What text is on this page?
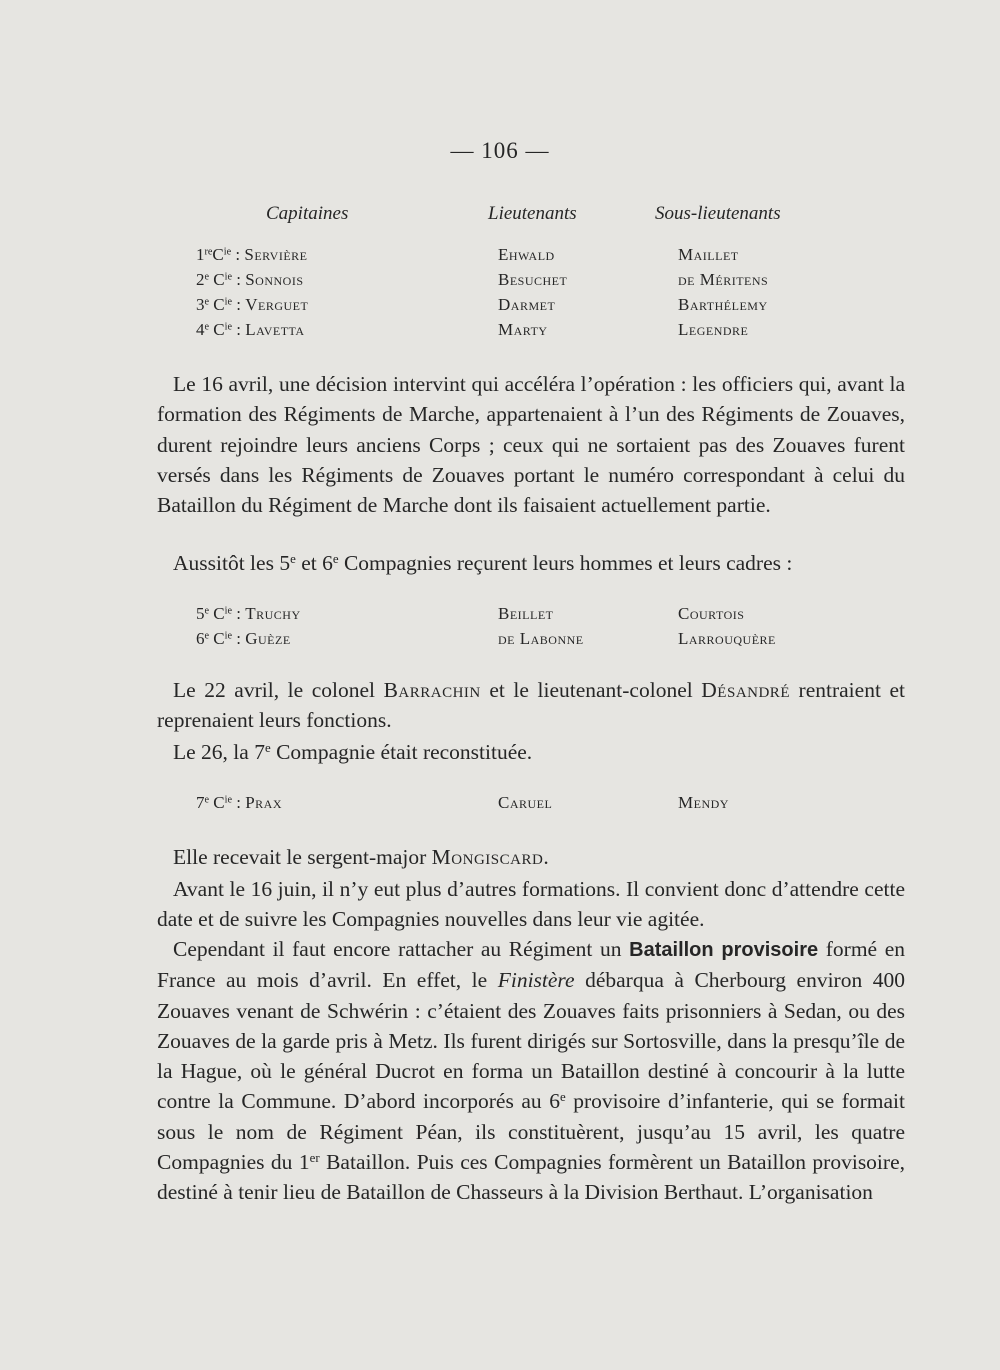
— 106 —
Capitaines	Lieutenants	Sous-lieutenants
$1reC^{ie}$ : Servière	Ehwald	Maillet
2e $C^{ie}$ : Sonnois	Besuchet	de Méritens
3e $C^{ie}$ : Verguet	Darmet	Barthélemy
4e $C^{ie}$ : Lavetta	Marty	Legendre

Le 16 avril, une décision intervint qui accéléra l’opération : les officiers qui, avant la formation des Régiments de Marche, appartenaient à l’un des Régiments de Zouaves, durent rejoindre leurs anciens Corps ; ceux qui ne sortaient pas des Zouaves furent versés dans les Régiments de Zouaves portant le numéro correspondant à celui du Bataillon du Régiment de Marche dont ils faisaient actuellement partie.

Aussitôt les 5e et 6e Compagnies reçurent leurs hommes et leurs cadres :

5e $C^{ie}$ : Truchy	Beillet	Courtois
6e $C^{ie}$ : Guèze	de Labonne	Larrouquère

Le 22 avril, le colonel Barrachin et le lieutenant-colonel Désandré rentraient et reprenaient leurs fonctions.

Le 26, la 7e Compagnie était reconstituée.

7e $C^{ie}$ : Prax	Caruel	Mendy

Elle recevait le sergent-major Mongiscard.

Avant le 16 juin, il n’y eut plus d’autres formations. Il convient donc d’attendre cette date et de suivre les Compagnies nouvelles dans leur vie agitée.

Cependant il faut encore rattacher au Régiment un Bataillon provisoire formé en France au mois d’avril. En effet, le Finistère débarqua à Cherbourg environ 400 Zouaves venant de Schwérin : c’étaient des Zouaves faits prisonniers à Sedan, ou des Zouaves de la garde pris à Metz. Ils furent dirigés sur Sortosville, dans la presqu’île de la Hague, où le général Ducrot en forma un Bataillon destiné à concourir à la lutte contre la Commune. D’abord incorporés au 6e provisoire d’infanterie, qui se formait sous le nom de Régiment Péan, ils constituèrent, jusqu’au 15 avril, les quatre Compagnies du 1er Bataillon. Puis ces Compagnies formèrent un Bataillon provisoire, destiné à tenir lieu de Bataillon de Chasseurs à la Division Berthaut. L’organisation
